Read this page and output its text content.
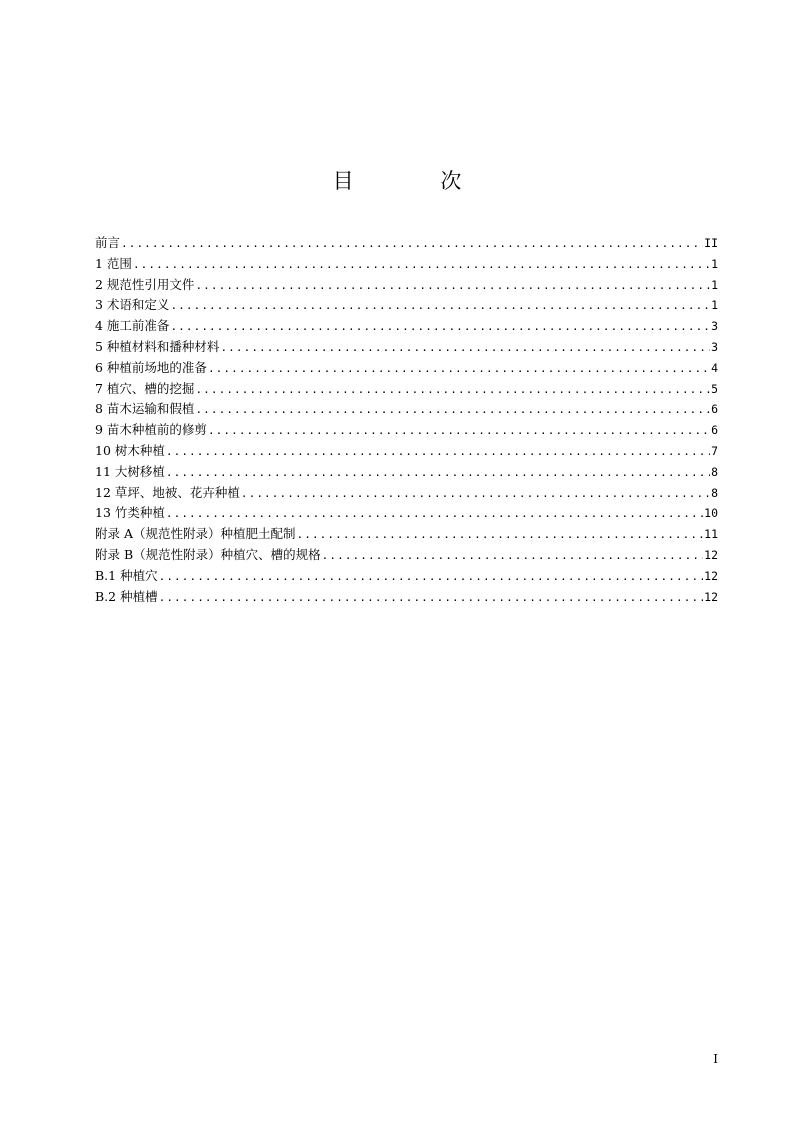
目 次
前言 .....	II
1 范围 .....	1
2 规范性引用文件 .....	1
3 术语和定义 .....	1
4 施工前准备 .....	3
5 种植材料和播种材料 .....	3
6 种植前场地的准备 .....	4
7 植穴、槽的挖掘 .....	5
8 苗木运输和假植 .....	6
9 苗木种植前的修剪 .....	6
10 树木种植 .....	7
11 大树移植 .....	8
12 草坪、地被、花卉种植 .....	8
13 竹类种植 .....	10
附录 A（规范性附录）种植肥土配制 .....	11
附录 B（规范性附录）种植穴、槽的规格 .....	12
B.1 种植穴 .....	12
B.2 种植槽 .....	12
I
